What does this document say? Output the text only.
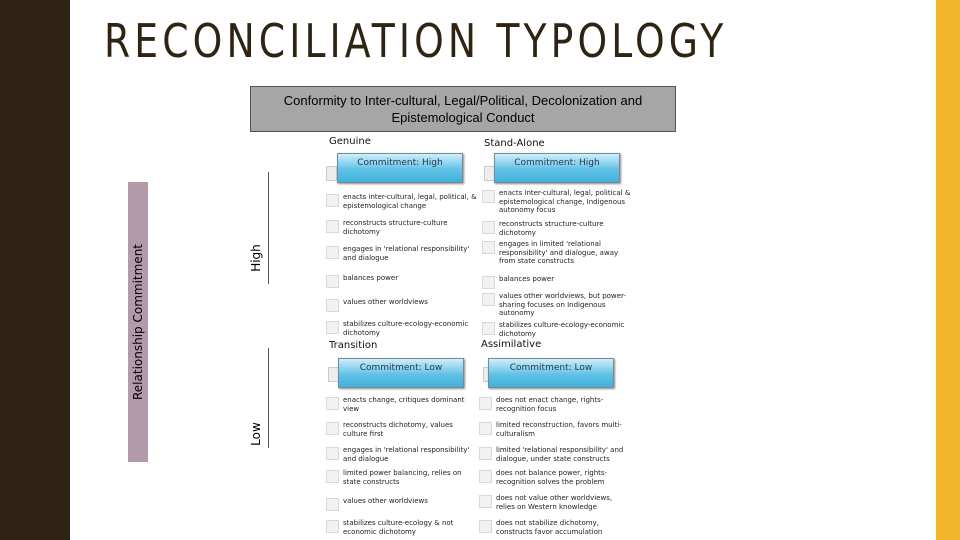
RECONCILIATION TYPOLOGY
Conformity to Inter-cultural, Legal/Political, Decolonization and Epistemological Conduct
Relationship Commitment	High
Low
Genuine
Commitment: High
enacts inter-cultural, legal, political, & epistemological change
reconstructs structure-culture dichotomy
engages in 'relational responsibility' and dialogue
balances power
values other worldviews
stabilizes culture-ecology-economic dichotomy
Stand-Alone
Commitment: High
enacts inter-cultural, legal, political & epistemological change, Indigenous autonomy focus
reconstructs structure-culture dichotomy
engages in limited 'relational responsibility' and dialogue, away from state constructs
balances power
values other worldviews, but power-sharing focuses on Indigenous autonomy
stabilizes culture-ecology-economic dichotomy
Transition
Commitment: Low
enacts change, critiques dominant view
reconstructs dichotomy, values culture first
engages in 'relational responsibility' and dialogue
limited power balancing, relies on state constructs
values other worldviews
stabilizes culture-ecology & not economic dichotomy
Assimilative
Commitment: Low
does not enact change, rights-recognition focus
limited reconstruction, favors multi-culturalism
limited 'relational responsibility' and dialogue, under state constructs
does not balance power, rights-recognition solves the problem
does not value other worldviews, relies on Western knowledge
does not stabilize dichotomy, constructs favor accumulation
